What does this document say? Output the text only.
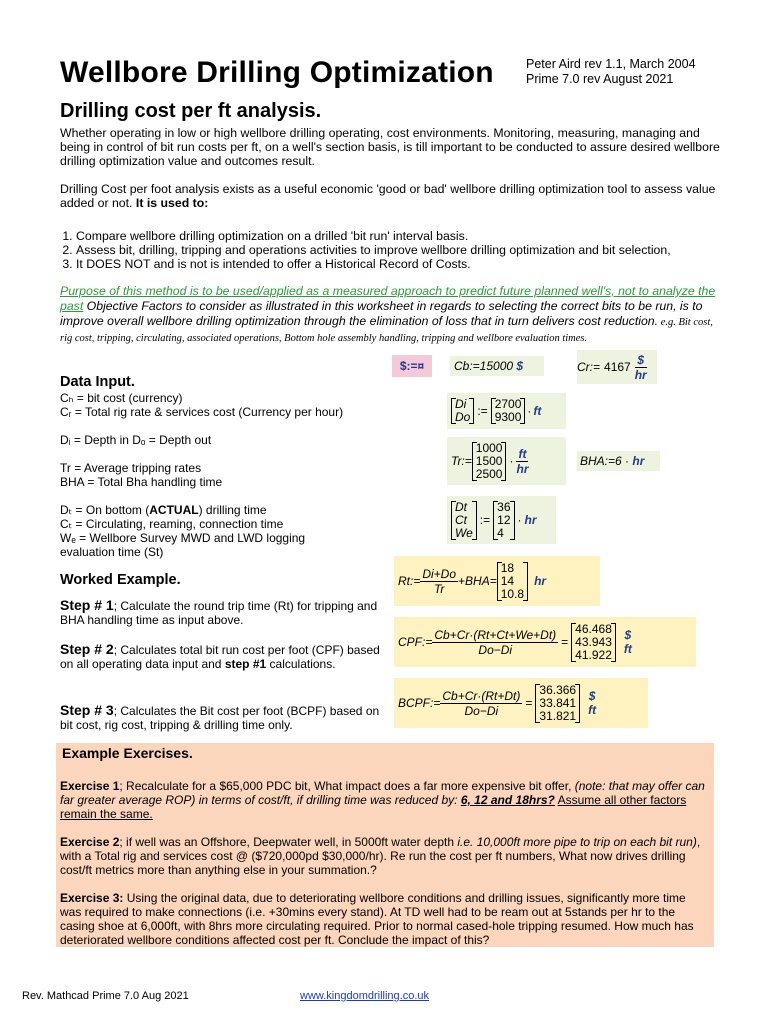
Wellbore Drilling Optimization	Peter Aird rev 1.1, March 2004
Prime 7.0 rev August 2021
Drilling cost per ft analysis.
Whether operating in low or high wellbore drilling operating, cost environments. Monitoring, measuring, managing and being in control of bit run costs per ft, on a well's section basis, is till important to be conducted to assure desired wellbore drilling optimization value and outcomes result.
Drilling Cost per foot analysis exists as a useful economic 'good or bad' wellbore drilling optimization tool to assess value added or not. It is used to:
1. Compare wellbore drilling optimization on a drilled 'bit run' interval basis.
2. Assess bit, drilling, tripping and operations activities to improve wellbore drilling optimization and bit selection,
3. It DOES NOT and is not is intended to offer a Historical Record of Costs.
Purpose of this method is to be used/applied as a measured approach to predict future planned well's, not to analyze the past Objective Factors to consider as illustrated in this worksheet in regards to selecting the correct bits to be run, is to improve overall wellbore drilling optimization through the elimination of loss that in turn delivers cost reduction. e.g. Bit cost, rig cost, tripping, circulating, associated operations, Bottom hole assembly handling, tripping and wellbore evaluation times.
Data Input.
Cₕ = bit cost (currency)
Cᵣ = Total rig rate & services cost (Currency per hour)
Dᵢ = Depth in Dₒ = Depth out
Tr = Average tripping rates
BHA = Total Bha handling time
Dₜ = On bottom (ACTUAL) drilling time
Cₜ = Circulating, reaming, connection time
Wₑ = Wellbore Survey MWD and LWD logging
evaluation time (St)
Worked Example.
Step # 1; Calculate the round trip time (Rt) for tripping and BHA handling time as input above.
Step # 2; Calculates total bit run cost per foot (CPF) based on all operating data input and step #1 calculations.
Step # 3; Calculates the Bit cost per foot (BCPF) based on bit cost, rig cost, tripping & drilling time only.
$:=¤	Cb:=15000 $	Cr:= $4167 \frac{\$}{hr}$
Di
Do := 2700
9300 · ft
Tr:=
1000
1500
2500
· $\frac{ft}{hr}$	BHA:=6 · hr
Dt
Ct
We
:=
36
12
4
· hr
Rt:= $\frac{Di+Do}{Tr} +BHA=$
18
14
10.8
hr
CPF:= $\frac{Cb+Cr\cdot(Rt+Ct+We+Dt)}{Do-Di}$ =
46.468
43.943
41.922
$
ft
BCPF:= $\frac{Cb+Cr\cdot(Rt+Dt)}{Do-Di}$ =
36.366
33.841
31.821
$
ft
Example Exercises.
Exercise 1; Recalculate for a $65,000 PDC bit, What impact does a far more expensive bit offer, (note: that may offer can far greater average ROP) in terms of cost/ft, if drilling time was reduced by: 6, 12 and 18hrs? Assume all other factors remain the same.
Exercise 2; if well was an Offshore, Deepwater well, in 5000ft water depth i.e. 10,000ft more pipe to trip on each bit run), with a Total rig and services cost @ ($720,000pd $30,000/hr). Re run the cost per ft numbers, What now drives drilling cost/ft metrics more than anything else in your summation.?
Exercise 3: Using the original data, due to deteriorating wellbore conditions and drilling issues, significantly more time was required to make connections (i.e. +30mins every stand). At TD well had to be ream out at 5stands per hr to the casing shoe at 6,000ft, with 8hrs more circulating required. Prior to normal cased-hole tripping resumed. How much has deteriorated wellbore conditions affected cost per ft. Conclude the impact of this?
Rev. Mathcad Prime 7.0 Aug 2021	www.kingdomdrilling.co.uk
